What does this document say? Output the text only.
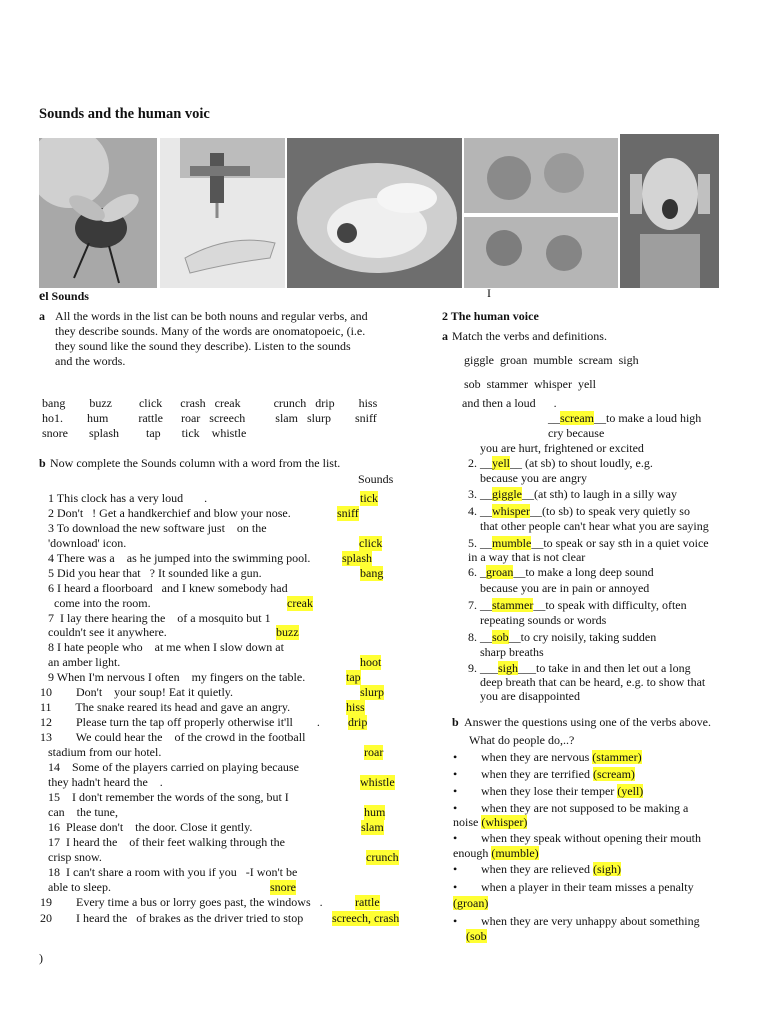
Sounds and the human voic
el Sounds
a All the words in the list can be both nouns and regular verbs, and
they describe sounds. Many of the words are onomatopoeic, (i.e.
they sound like the sound they describe). Listen to the sounds
and the words.
bang        buzz         click      crash   creak           crunch   drip        hiss
ho1.        hum          rattle      roar   screech          slam   slurp        sniff
snore       splash         tap       tick    whistle
b Now complete the Sounds column with a word from the list.
Sounds
1 This clock has a very loud       .	tick
2 Don't   ! Get a handkerchief and blow your nose.	sniff
3 To download the new software just    on the
'download' icon.	click
4 There was a    as he jumped into the swimming pool.	splash
5 Did you hear that   ? It sounded like a gun.	bang
6 I heard a floorboard   and I knew somebody had
come into the room.	creak
7  I lay there hearing the    of a mosquito but 1
couldn't see it anywhere.	buzz
8 I hate people who    at me when I slow down at
an amber light.	hoot
9 When I'm nervous I often    my fingers on the table.	tap
10        Don't    your soup! Eat it quietly.	slurp
11        The snake reared its head and gave an angry.	hiss
12        Please turn the tap off properly otherwise it'll        . drip
13        We could hear the    of the crowd in the football
stadium from our hotel.	roar
14    Some of the players carried on playing because
they hadn't heard the    .	whistle
15    I don't remember the words of the song, but I
can    the tune,	hum
16  Please don't    the door. Close it gently.	slam
17  I heard the    of their feet walking through the
crisp snow.	crunch
18  I can't share a room with you if you   -I won't be
able to sleep.	snore
19        Every time a bus or lorry goes past, the windows   .	rattle
20        I heard the   of brakes as the driver tried to stop screech, crash
)
I
2 The human voice
a Match the verbs and definitions.
giggle  groan  mumble  scream  sigh
sob  stammer  whisper  yell
and then a loud      .
__scream__to make a loud high
cry because
you are hurt, frightened or excited
2. __yell__ (at sb) to shout loudly, e.g.
because you are angry
3. __giggle__(at sth) to laugh in a silly way
4. __whisper__(to sb) to speak very quietly so
that other people can't hear what you are saying
5. __mumble__to speak or say sth in a quiet voice
in a way that is not clear
6. _groan__to make a long deep sound
because you are in pain or annoyed
7. __stammer__to speak with difficulty, often
repeating sounds or words
8. __sob__to cry noisily, taking sudden
sharp breaths
9. ___sigh___to take in and then let out a long
deep breath that can be heard, e.g. to show that
you are disappointed
b Answer the questions using one of the verbs above.
What do people do,..?
• when they are nervous (stammer)
• when they are terrified (scream)
• when they lose their temper (yell)
• when they are not supposed to be making a
noise (whisper)
• when they speak without opening their mouth
enough (mumble)
• when they are relieved (sigh)
• when a player in their team misses a penalty
(groan)
• when they are very unhappy about something
(sob
